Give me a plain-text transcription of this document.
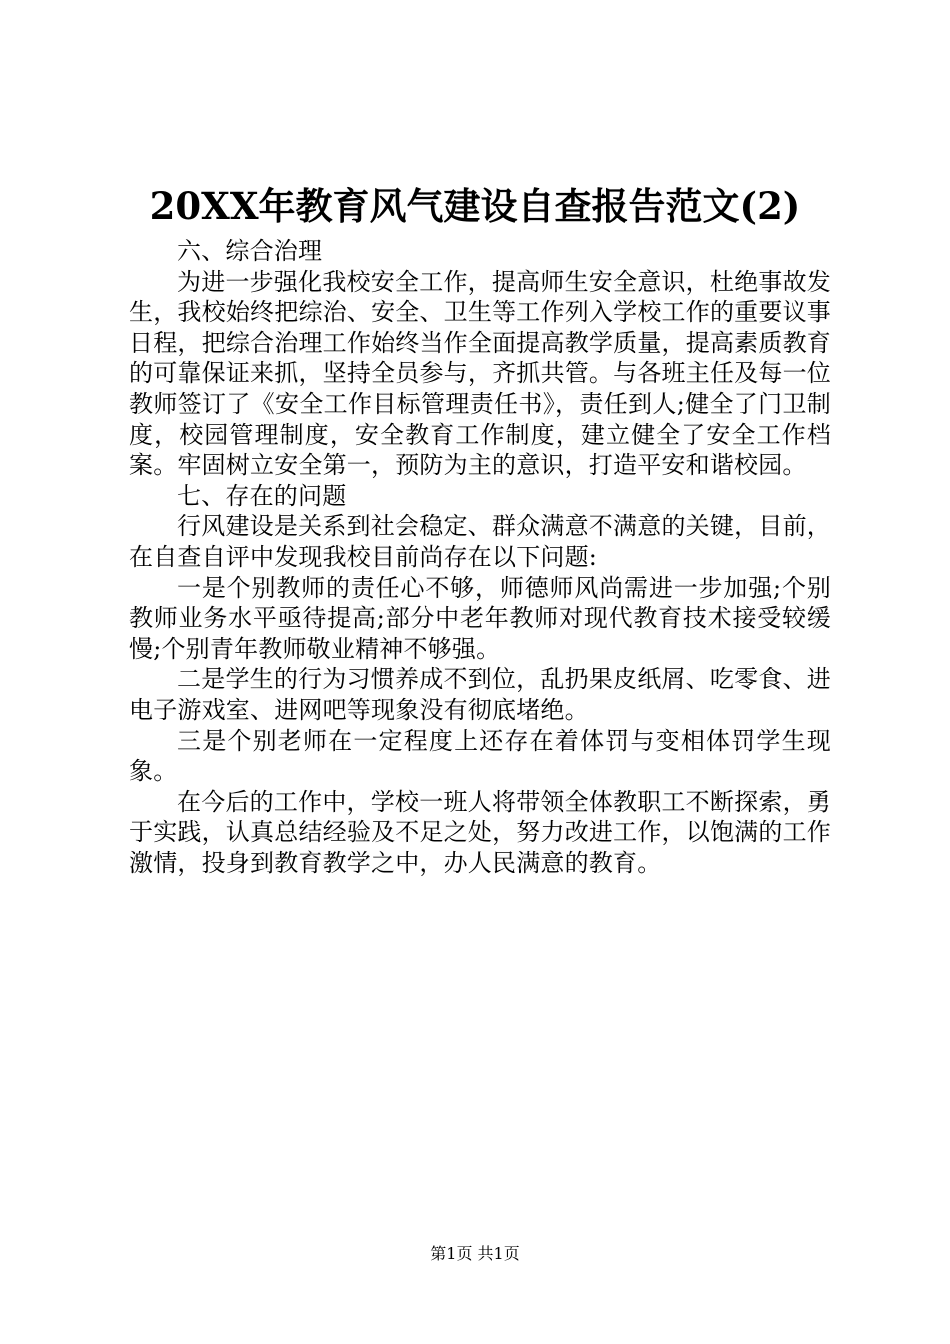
20XX年教育风气建设自查报告范文(2)

六、综合治理

为进一步强化我校安全工作，提高师生安全意识，杜绝事故发生，我校始终把综治、安全、卫生等工作列入学校工作的重要议事日程，把综合治理工作始终当作全面提高教学质量，提高素质教育的可靠保证来抓，坚持全员参与，齐抓共管。与各班主任及每一位教师签订了《安全工作目标管理责任书》，责任到人;健全了门卫制度，校园管理制度，安全教育工作制度，建立健全了安全工作档案。牢固树立安全第一，预防为主的意识，打造平安和谐校园。

七、存在的问题

行风建设是关系到社会稳定、群众满意不满意的关键，目前，在自查自评中发现我校目前尚存在以下问题:

一是个别教师的责任心不够，师德师风尚需进一步加强;个别教师业务水平亟待提高;部分中老年教师对现代教育技术接受较缓慢;个别青年教师敬业精神不够强。

二是学生的行为习惯养成不到位，乱扔果皮纸屑、吃零食、进电子游戏室、进网吧等现象没有彻底堵绝。

三是个别老师在一定程度上还存在着体罚与变相体罚学生现象。

在今后的工作中，学校一班人将带领全体教职工不断探索，勇于实践，认真总结经验及不足之处，努力改进工作，以饱满的工作激情，投身到教育教学之中，办人民满意的教育。

第1页 共1页
